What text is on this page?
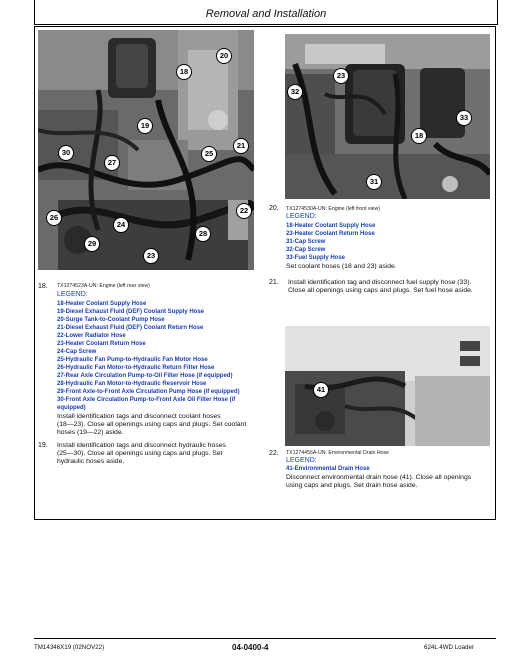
Removal and Installation
20
18
19
25
21
30
27
22
26
24
29
28
23
23
32
18
33
31
41
18. TX1274523A-UN: Engine (left rear view)
LEGEND:
18-Heater Coolant Supply Hose
19-Diesel Exhaust Fluid (DEF) Coolant Supply Hose
20-Surge Tank-to-Coolant Pump Hose
21-Diesel Exhaust Fluid (DEF) Coolant Return Hose
22-Lower Radiator Hose
23-Heater Coolant Return Hose
24-Cap Screw
25-Hydraulic Fan Pump-to-Hydraulic Fan Motor Hose
26-Hydraulic Fan Motor-to-Hydraulic Return Filter Hose
27-Rear Axle Circulation Pump-to-Oil Filter Hose (if equipped)
28-Hydraulic Fan Motor-to-Hydraulic Reservoir Hose
29-Front Axle-to-Front Axle Circulation Pump Hose (if equipped)
30-Front Axle Circulation Pump-to-Front Axle Oil Filter Hose (if
equipped)
Install identification tags and disconnect coolant hoses
(18—23). Close all openings using caps and plugs. Set coolant
hoses (19—22) aside.
19. Install identification tags and disconnect hydraulic hoses
(25—30). Close all openings using caps and plugs. Set
hydraulic hoses aside.
20. TX1274530A-UN: Engine (left front view)
LEGEND:
18-Heater Coolant Supply Hose
23-Heater Coolant Return Hose
31-Cap Screw
32-Cap Screw
33-Fuel Supply Hose
Set coolant hoses (18 and 23) aside.
21. Install identification tag and disconnect fuel supply hose (33).
Close all openings using caps and plugs. Set fuel hose aside.
22. TX1274456A-UN: Environmental Drain Hose
LEGEND:
41-Environmental Drain Hose
Disconnect environmental drain hose (41). Close all openings
using caps and plugs. Set drain hose aside.
TM14346X19 (02NOV22)	04-0400-4	624L 4WD Loader
